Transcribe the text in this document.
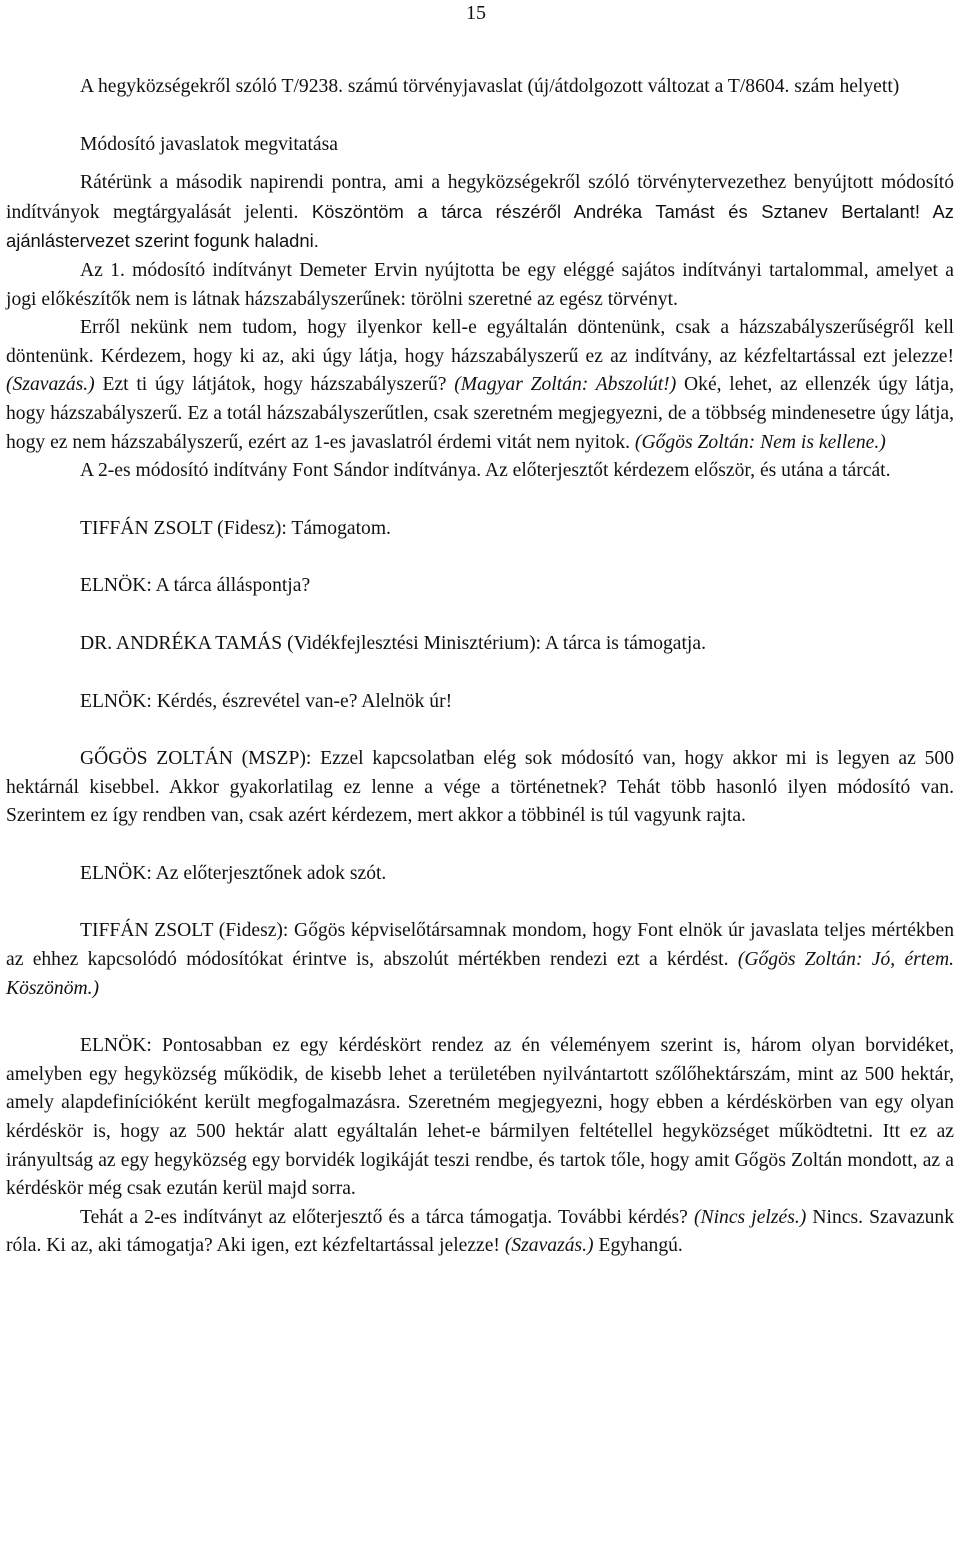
15

A hegyközségekről szóló T/9238. számú törvényjavaslat (új/átdolgozott változat a T/8604. szám helyett)

Módosító javaslatok megvitatása

Rátérünk a második napirendi pontra, ami a hegyközségekről szóló törvénytervezethez benyújtott módosító indítványok megtárgyalását jelenti. Köszöntöm a tárca részéről Andréka Tamást és Sztanev Bertalant! Az ajánlástervezet szerint fogunk haladni.

Az 1. módosító indítványt Demeter Ervin nyújtotta be egy eléggé sajátos indítványi tartalommal, amelyet a jogi előkészítők nem is látnak házszabályszerűnek: törölni szeretné az egész törvényt.

Erről nekünk nem tudom, hogy ilyenkor kell-e egyáltalán döntenünk, csak a házszabályszerűségről kell döntenünk. Kérdezem, hogy ki az, aki úgy látja, hogy házszabályszerű ez az indítvány, az kézfeltartással ezt jelezze! (Szavazás.) Ezt ti úgy látjátok, hogy házszabályszerű? (Magyar Zoltán: Abszolút!) Oké, lehet, az ellenzék úgy látja, hogy házszabályszerű. Ez a totál házszabályszerűtlen, csak szeretném megjegyezni, de a többség mindenesetre úgy látja, hogy ez nem házszabályszerű, ezért az 1-es javaslatról érdemi vitát nem nyitok. (Gőgös Zoltán: Nem is kellene.)

A 2-es módosító indítvány Font Sándor indítványa. Az előterjesztőt kérdezem először, és utána a tárcát.

TIFFÁN ZSOLT (Fidesz): Támogatom.

ELNÖK: A tárca álláspontja?

DR. ANDRÉKA TAMÁS (Vidékfejlesztési Minisztérium): A tárca is támogatja.

ELNÖK: Kérdés, észrevétel van-e? Alelnök úr!

GŐGÖS ZOLTÁN (MSZP): Ezzel kapcsolatban elég sok módosító van, hogy akkor mi is legyen az 500 hektárnál kisebbel. Akkor gyakorlatilag ez lenne a vége a történetnek? Tehát több hasonló ilyen módosító van. Szerintem ez így rendben van, csak azért kérdezem, mert akkor a többinél is túl vagyunk rajta.

ELNÖK: Az előterjesztőnek adok szót.

TIFFÁN ZSOLT (Fidesz): Gőgös képviselőtársamnak mondom, hogy Font elnök úr javaslata teljes mértékben az ehhez kapcsolódó módosítókat érintve is, abszolút mértékben rendezi ezt a kérdést. (Gőgös Zoltán: Jó, értem. Köszönöm.)

ELNÖK: Pontosabban ez egy kérdéskört rendez az én véleményem szerint is, három olyan borvidéket, amelyben egy hegyközség működik, de kisebb lehet a területében nyilvántartott szőlőhektárszám, mint az 500 hektár, amely alapdefinícióként került megfogalmazásra. Szeretném megjegyezni, hogy ebben a kérdéskörben van egy olyan kérdéskör is, hogy az 500 hektár alatt egyáltalán lehet-e bármilyen feltétellel hegyközséget működtetni. Itt ez az irányultság az egy hegyközség egy borvidék logikáját teszi rendbe, és tartok tőle, hogy amit Gőgös Zoltán mondott, az a kérdéskör még csak ezután kerül majd sorra.

Tehát a 2-es indítványt az előterjesztő és a tárca támogatja. További kérdés? (Nincs jelzés.) Nincs. Szavazunk róla. Ki az, aki támogatja? Aki igen, ezt kézfeltartással jelezze! (Szavazás.) Egyhangú.
